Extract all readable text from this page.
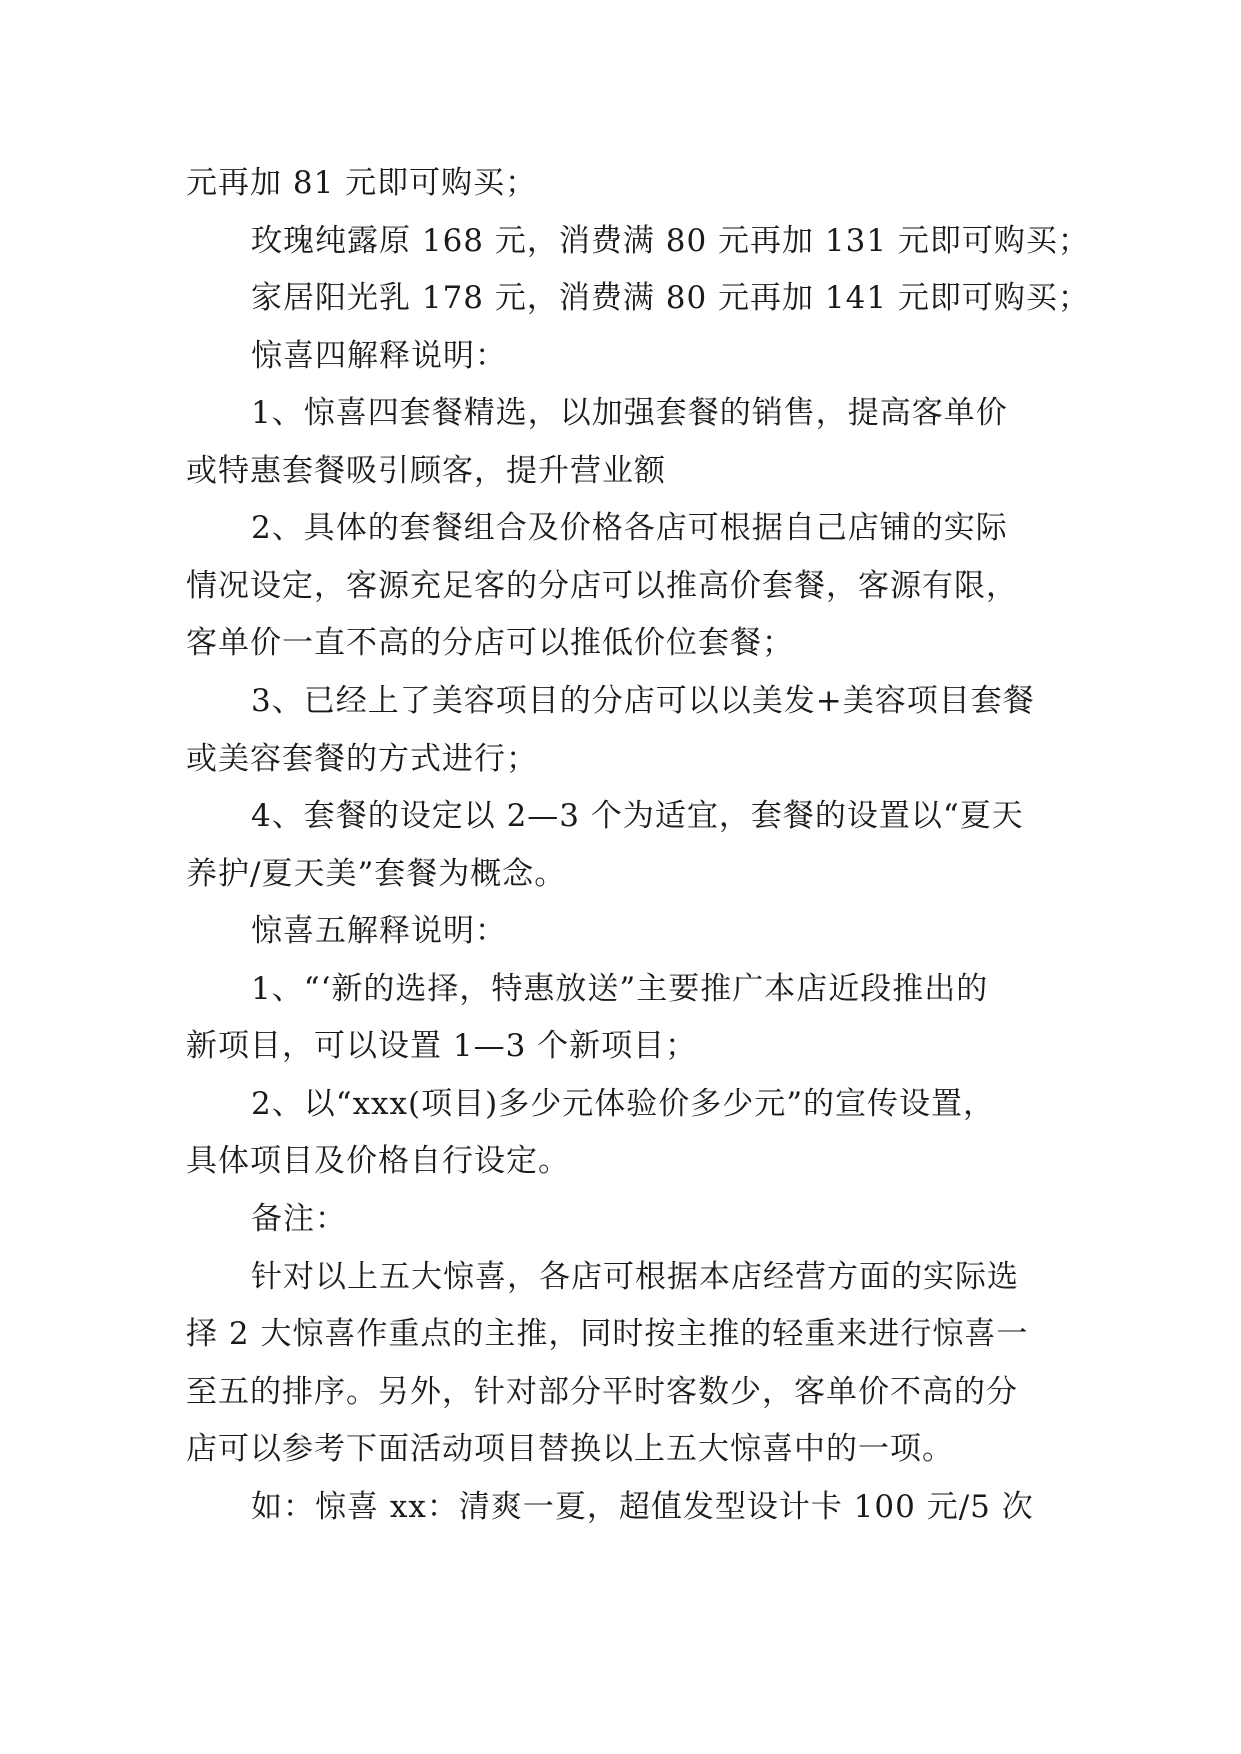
元再加 81 元即可购买；
玫瑰纯露原 168 元，消费满 80 元再加 131 元即可购买；
家居阳光乳 178 元，消费满 80 元再加 141 元即可购买；
惊喜四解释说明：
1、惊喜四套餐精选，以加强套餐的销售，提高客单价
或特惠套餐吸引顾客，提升营业额
2、具体的套餐组合及价格各店可根据自己店铺的实际
情况设定，客源充足客的分店可以推高价套餐，客源有限，
客单价一直不高的分店可以推低价位套餐；
3、已经上了美容项目的分店可以以美发+美容项目套餐
或美容套餐的方式进行；
4、套餐的设定以 2—3 个为适宜，套餐的设置以“夏天
养护/夏天美”套餐为概念。
惊喜五解释说明：
1、“‘新的选择，特惠放送”主要推广本店近段推出的
新项目，可以设置 1—3 个新项目；
2、以“xxx(项目)多少元体验价多少元”的宣传设置，
具体项目及价格自行设定。
备注：
针对以上五大惊喜，各店可根据本店经营方面的实际选
择 2 大惊喜作重点的主推，同时按主推的轻重来进行惊喜一
至五的排序。另外，针对部分平时客数少，客单价不高的分
店可以参考下面活动项目替换以上五大惊喜中的一项。
如：惊喜 xx：清爽一夏，超值发型设计卡 100 元/5 次
